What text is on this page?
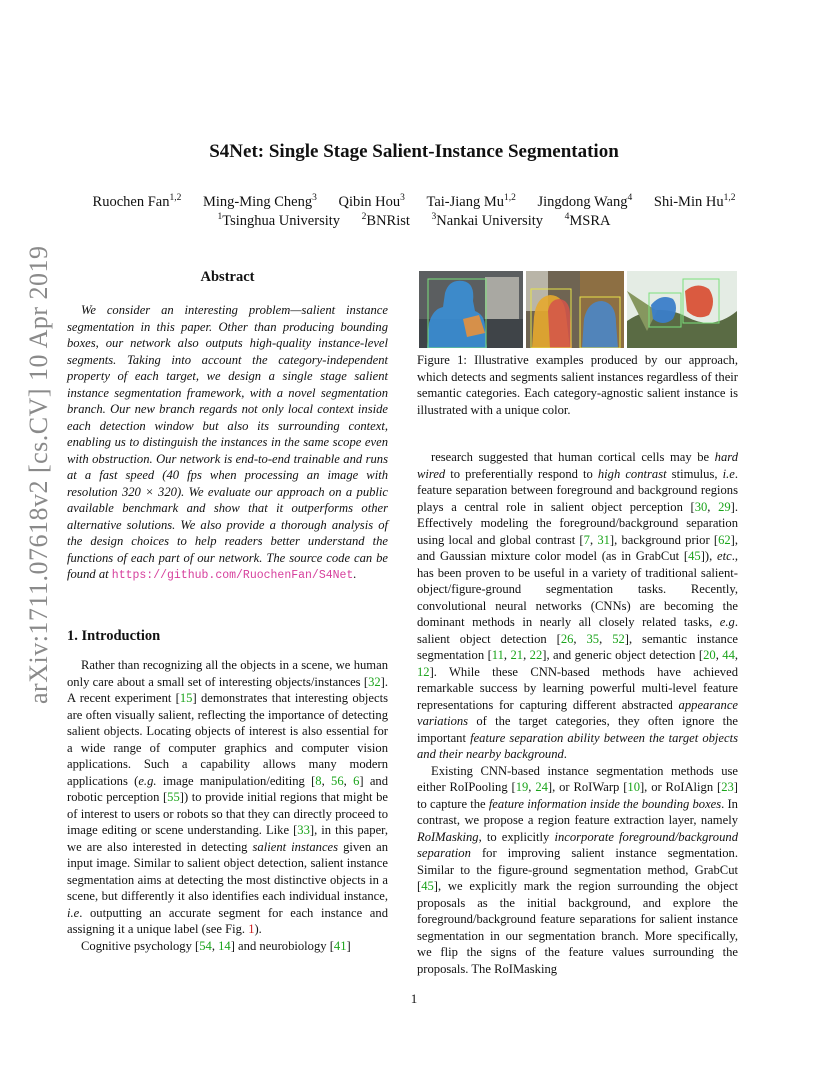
arXiv:1711.07618v2 [cs.CV] 10 Apr 2019
S4Net: Single Stage Salient-Instance Segmentation
Ruochen Fan$^{1,2}$ Ming-Ming Cheng$^3$ Qibin Hou$^3$ Tai-Jiang Mu$^{1,2}$ Jingdong Wang$^4$ Shi-Min Hu$^{1,2}$
$^1$Tsinghua University $^2$BNRist $^3$Nankai University $^4$MSRA
Abstract

We consider an interesting problem—salient instance segmentation in this paper. Other than producing bounding boxes, our network also outputs high-quality instance-level segments. Taking into account the category-independent property of each target, we design a single stage salient instance segmentation framework, with a novel segmentation branch. Our new branch regards not only local context inside each detection window but also its surrounding context, enabling us to distinguish the instances in the same scope even with obstruction. Our network is end-to-end trainable and runs at a fast speed (40 fps when processing an image with resolution 320 × 320). We evaluate our approach on a public available benchmark and show that it outperforms other alternative solutions. We also provide a thorough analysis of the design choices to help readers better understand the functions of each part of our network. The source code can be found at https://github.com/RuochenFan/S4Net.

1. Introduction

Rather than recognizing all the objects in a scene, we human only care about a small set of interesting objects/instances [32]. A recent experiment [15] demonstrates that interesting objects are often visually salient, reflecting the importance of detecting salient objects. Locating objects of interest is also essential for a wide range of computer graphics and computer vision applications. Such a capability allows many modern applications (e.g. image manipulation/editing [8, 56, 6] and robotic perception [55]) to provide initial regions that might be of interest to users or robots so that they can directly proceed to image editing or scene understanding. Like [33], in this paper, we are also interested in detecting salient instances given an input image. Similar to salient object detection, salient instance segmentation aims at detecting the most distinctive objects in a scene, but differently it also identifies each individual instance, i.e. outputting an accurate segment for each instance and assigning it a unique label (see Fig. 1).

Cognitive psychology [54, 14] and neurobiology [41]

Figure 1: Illustrative examples produced by our approach, which detects and segments salient instances regardless of their semantic categories. Each category-agnostic salient instance is illustrated with a unique color.

research suggested that human cortical cells may be hard wired to preferentially respond to high contrast stimulus, i.e. feature separation between foreground and background regions plays a central role in salient object perception [30, 29]. Effectively modeling the foreground/background separation using local and global contrast [7, 31], background prior [62], and Gaussian mixture color model (as in GrabCut [45]), etc., has been proven to be useful in a variety of traditional salient-object/figure-ground segmentation tasks. Recently, convolutional neural networks (CNNs) are becoming the dominant methods in nearly all closely related tasks, e.g. salient object detection [26, 35, 52], semantic instance segmentation [11, 21, 22], and generic object detection [20, 44, 12]. While these CNN-based methods have achieved remarkable success by learning powerful multi-level feature representations for capturing different abstracted appearance variations of the target categories, they often ignore the important feature separation ability between the target objects and their nearby background.

Existing CNN-based instance segmentation methods use either RoIPooling [19, 24], or RoIWarp [10], or RoIAlign [23] to capture the feature information inside the bounding boxes. In contrast, we propose a region feature extraction layer, namely RoIMasking, to explicitly incorporate foreground/background separation for improving salient instance segmentation. Similar to the figure-ground segmentation method, GrabCut [45], we explicitly mark the region surrounding the object proposals as the initial background, and explore the foreground/background feature separations for salient instance segmentation in our segmentation branch. More specifically, we flip the signs of the feature values surrounding the proposals. The RoIMasking

1
